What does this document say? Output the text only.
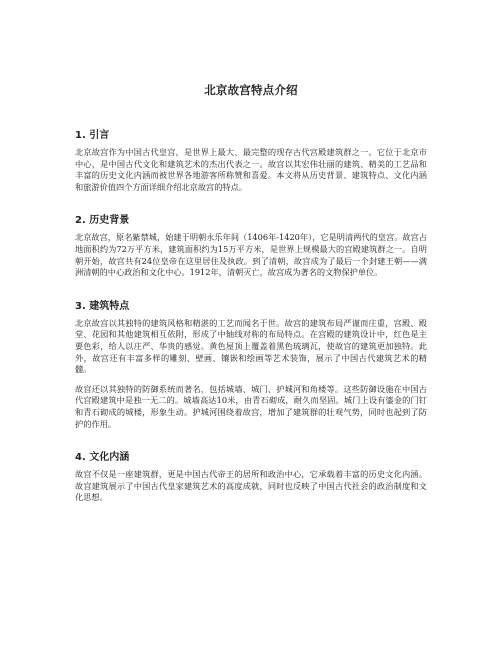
北京故宫特点介绍
1. 引言

北京故宫作为中国古代皇宫，是世界上最大、最完整的现存古代宫殿建筑群之一。它位于北京市中心，是中国古代文化和建筑艺术的杰出代表之一。故宫以其宏伟壮丽的建筑、精美的工艺品和丰富的历史文化内涵而被世界各地游客所称赞和喜爱。本文将从历史背景、建筑特点、文化内涵和旅游价值四个方面详细介绍北京故宫的特点。

2. 历史背景

北京故宫，原名紫禁城，始建于明朝永乐年间（1406年-1420年），它是明清两代的皇宫。故宫占地面积约为72万平方米，建筑面积约为15万平方米，是世界上规模最大的宫殿建筑群之一。自明朝开始，故宫共有24位皇帝在这里居住及执政。到了清朝，故宫成为了最后一个封建王朝——满洲清朝的中心政治和文化中心。1912年，清朝灭亡，故宫成为著名的文物保护单位。

3. 建筑特点

北京故宫以其独特的建筑风格和精湛的工艺而闻名于世。故宫的建筑布局严谨而庄重，宫殿、殿堂、花园和其他建筑相互依附，形成了中轴线对称的布局特点。在宫殿的建筑设计中，红色是主要色彩，给人以庄严、华贵的感觉。黄色屋顶上覆盖着黑色琉璃瓦，使故宫的建筑更加独特。此外，故宫还有丰富多样的雕刻、壁画、镶嵌和绘画等艺术装饰，展示了中国古代建筑艺术的精髓。

故宫还以其独特的防御系统而著名，包括城墙、城门、护城河和角楼等。这些防御设施在中国古代宫殿建筑中是独一无二的。城墙高达10米，由青石砌成，耐久而坚固。城门上设有鎏金的门钉和青石砌成的城楼，形象生动。护城河围绕着故宫，增加了建筑群的壮观气势，同时也起到了防护的作用。

4. 文化内涵

故宫不仅是一座建筑群，更是中国古代帝王的居所和政治中心，它承载着丰富的历史文化内涵。故宫建筑展示了中国古代皇家建筑艺术的高度成就，同时也反映了中国古代社会的政治制度和文化思想。
